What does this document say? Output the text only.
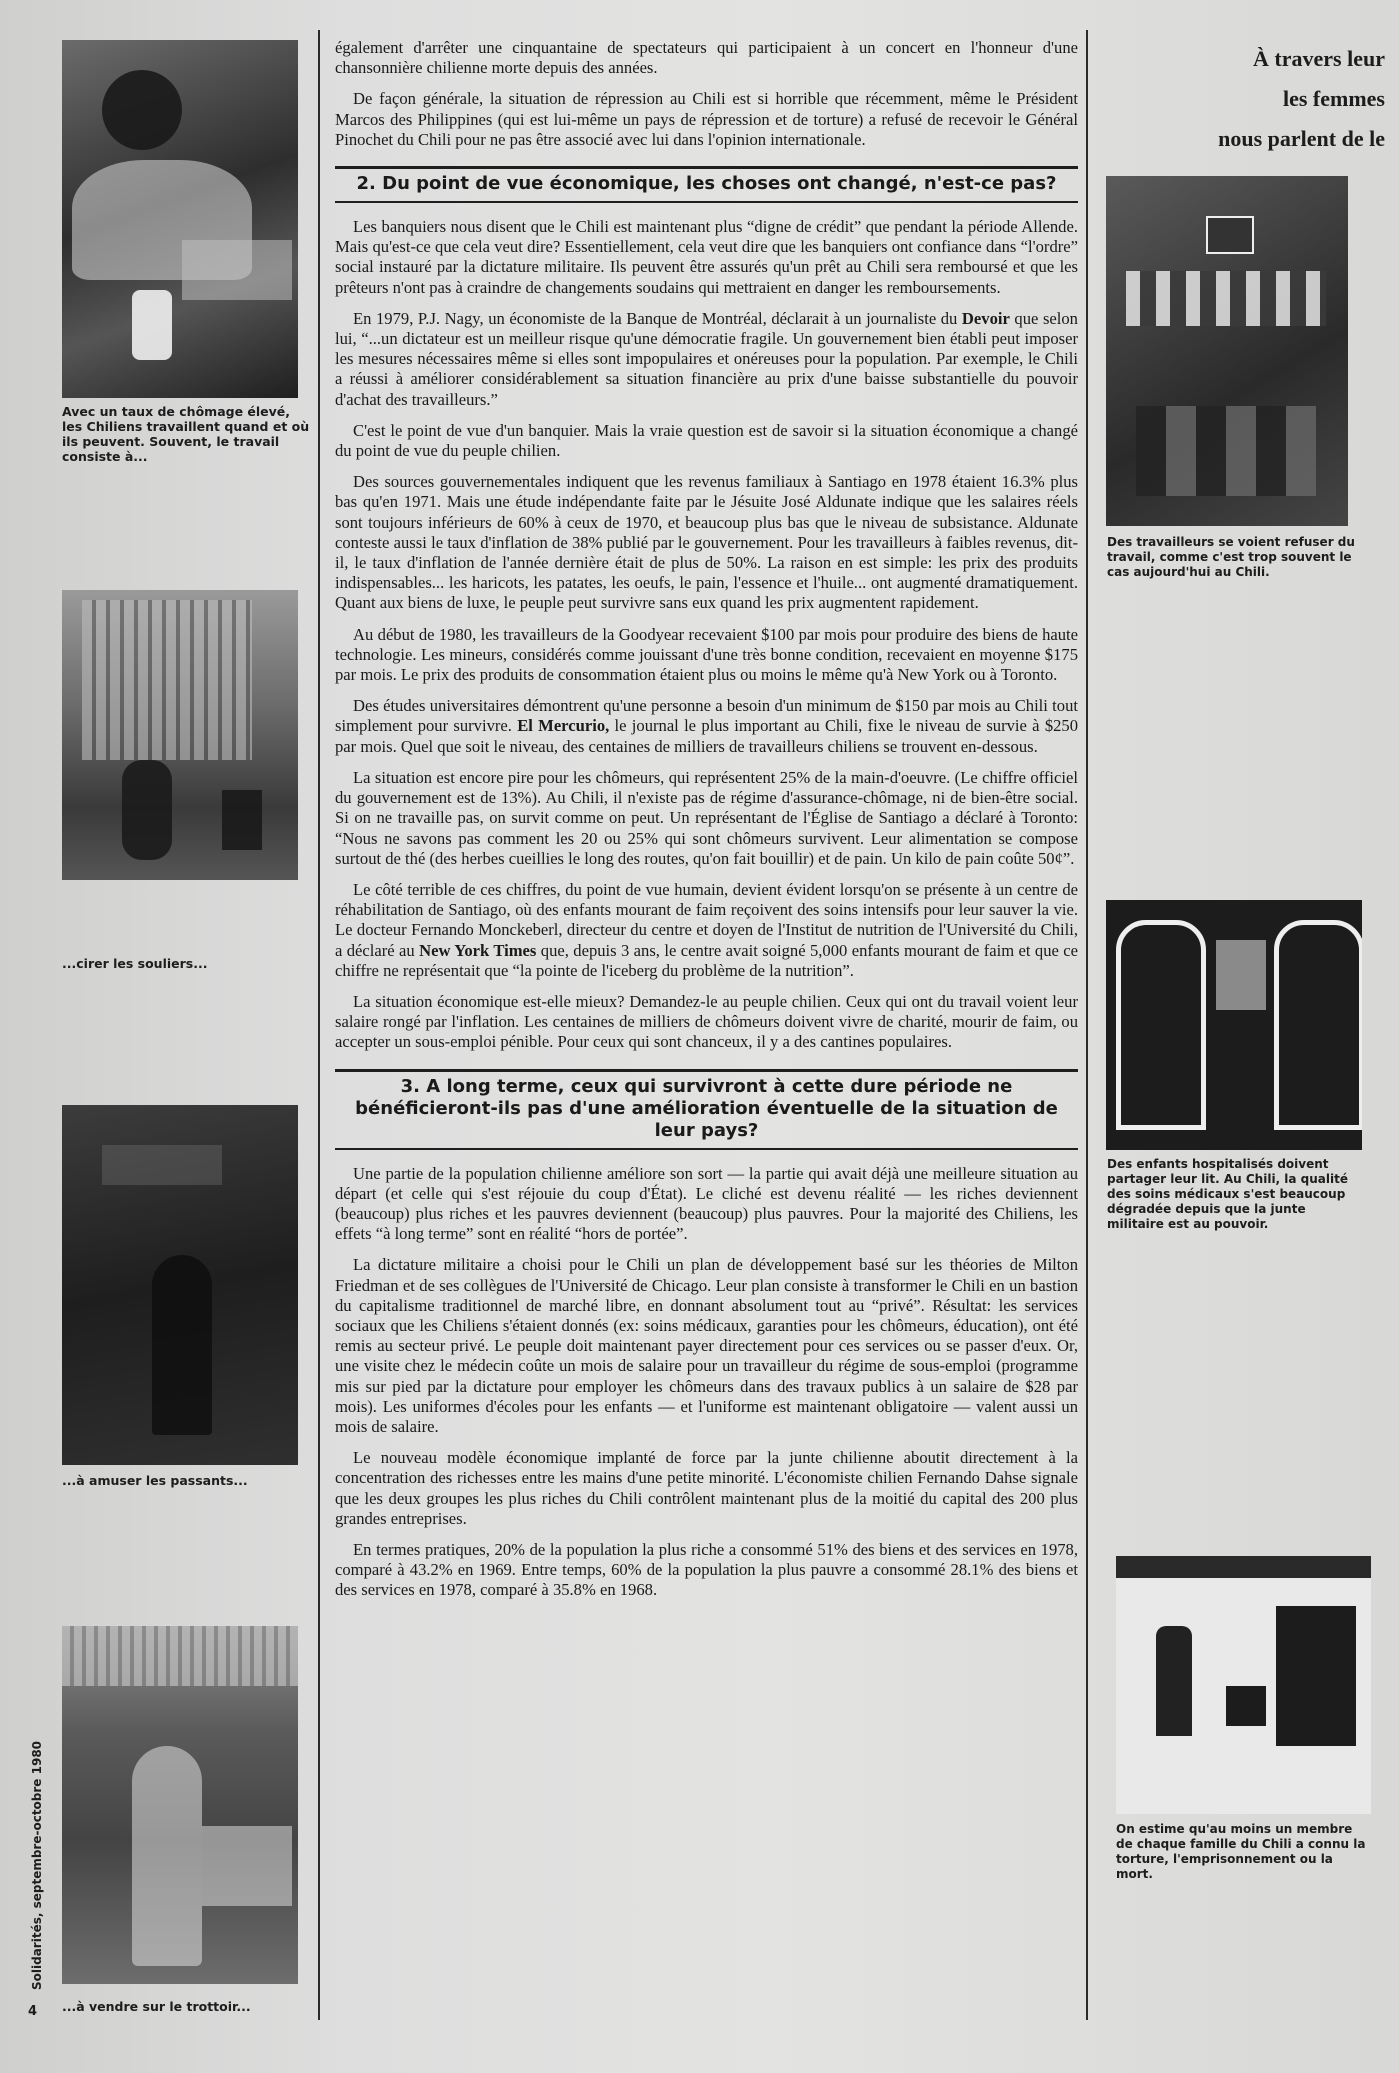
Avec un taux de chômage élevé, les Chiliens travaillent quand et où ils peuvent. Souvent, le travail consiste à...
...cirer les souliers...
...à amuser les passants...
...à vendre sur le trottoir...
Solidarités, septembre-octobre 1980
4

également d'arrêter une cinquantaine de spectateurs qui participaient à un concert en l'honneur d'une chansonnière chilienne morte depuis des années.

De façon générale, la situation de répression au Chili est si horrible que récemment, même le Président Marcos des Philippines (qui est lui-même un pays de répression et de torture) a refusé de recevoir le Général Pinochet du Chili pour ne pas être associé avec lui dans l'opinion internationale.

2. Du point de vue économique, les choses ont changé, n'est-ce pas?

Les banquiers nous disent que le Chili est maintenant plus “digne de crédit” que pendant la période Allende. Mais qu'est-ce que cela veut dire? Essentiellement, cela veut dire que les banquiers ont confiance dans “l'ordre” social instauré par la dictature militaire. Ils peuvent être assurés qu'un prêt au Chili sera remboursé et que les prêteurs n'ont pas à craindre de changements soudains qui mettraient en danger les remboursements.

En 1979, P.J. Nagy, un économiste de la Banque de Montréal, déclarait à un journaliste du Devoir que selon lui, “...un dictateur est un meilleur risque qu'une démocratie fragile. Un gouvernement bien établi peut imposer les mesures nécessaires même si elles sont impopulaires et onéreuses pour la population. Par exemple, le Chili a réussi à améliorer considérablement sa situation financière au prix d'une baisse substantielle du pouvoir d'achat des travailleurs.”

C'est le point de vue d'un banquier. Mais la vraie question est de savoir si la situation économique a changé du point de vue du peuple chilien.

Des sources gouvernementales indiquent que les revenus familiaux à Santiago en 1978 étaient 16.3% plus bas qu'en 1971. Mais une étude indépendante faite par le Jésuite José Aldunate indique que les salaires réels sont toujours inférieurs de 60% à ceux de 1970, et beaucoup plus bas que le niveau de subsistance. Aldunate conteste aussi le taux d'inflation de 38% publié par le gouvernement. Pour les travailleurs à faibles revenus, dit-il, le taux d'inflation de l'année dernière était de plus de 50%. La raison en est simple: les prix des produits indispensables... les haricots, les patates, les oeufs, le pain, l'essence et l'huile... ont augmenté dramatiquement. Quant aux biens de luxe, le peuple peut survivre sans eux quand les prix augmentent rapidement.

Au début de 1980, les travailleurs de la Goodyear recevaient $100 par mois pour produire des biens de haute technologie. Les mineurs, considérés comme jouissant d'une très bonne condition, recevaient en moyenne $175 par mois. Le prix des produits de consommation étaient plus ou moins le même qu'à New York ou à Toronto.

Des études universitaires démontrent qu'une personne a besoin d'un minimum de $150 par mois au Chili tout simplement pour survivre. El Mercurio, le journal le plus important au Chili, fixe le niveau de survie à $250 par mois. Quel que soit le niveau, des centaines de milliers de travailleurs chiliens se trouvent en-dessous.

La situation est encore pire pour les chômeurs, qui représentent 25% de la main-d'oeuvre. (Le chiffre officiel du gouvernement est de 13%). Au Chili, il n'existe pas de régime d'assurance-chômage, ni de bien-être social. Si on ne travaille pas, on survit comme on peut. Un représentant de l'Église de Santiago a déclaré à Toronto: “Nous ne savons pas comment les 20 ou 25% qui sont chômeurs survivent. Leur alimentation se compose surtout de thé (des herbes cueillies le long des routes, qu'on fait bouillir) et de pain. Un kilo de pain coûte 50¢”.

Le côté terrible de ces chiffres, du point de vue humain, devient évident lorsqu'on se présente à un centre de réhabilitation de Santiago, où des enfants mourant de faim reçoivent des soins intensifs pour leur sauver la vie. Le docteur Fernando Monckeberl, directeur du centre et doyen de l'Institut de nutrition de l'Université du Chili, a déclaré au New York Times que, depuis 3 ans, le centre avait soigné 5,000 enfants mourant de faim et que ce chiffre ne représentait que “la pointe de l'iceberg du problème de la nutrition”.

La situation économique est-elle mieux? Demandez-le au peuple chilien. Ceux qui ont du travail voient leur salaire rongé par l'inflation. Les centaines de milliers de chômeurs doivent vivre de charité, mourir de faim, ou accepter un sous-emploi pénible. Pour ceux qui sont chanceux, il y a des cantines populaires.

3. A long terme, ceux qui survivront à cette dure période ne bénéficieront-ils pas d'une amélioration éventuelle de la situation de leur pays?

Une partie de la population chilienne améliore son sort — la partie qui avait déjà une meilleure situation au départ (et celle qui s'est réjouie du coup d'État). Le cliché est devenu réalité — les riches deviennent (beaucoup) plus riches et les pauvres deviennent (beaucoup) plus pauvres. Pour la majorité des Chiliens, les effets “à long terme” sont en réalité “hors de portée”.

La dictature militaire a choisi pour le Chili un plan de développement basé sur les théories de Milton Friedman et de ses collègues de l'Université de Chicago. Leur plan consiste à transformer le Chili en un bastion du capitalisme traditionnel de marché libre, en donnant absolument tout au “privé”. Résultat: les services sociaux que les Chiliens s'étaient donnés (ex: soins médicaux, garanties pour les chômeurs, éducation), ont été remis au secteur privé. Le peuple doit maintenant payer directement pour ces services ou se passer d'eux. Or, une visite chez le médecin coûte un mois de salaire pour un travailleur du régime de sous-emploi (programme mis sur pied par la dictature pour employer les chômeurs dans des travaux publics à un salaire de $28 par mois). Les uniformes d'écoles pour les enfants — et l'uniforme est maintenant obligatoire — valent aussi un mois de salaire.

Le nouveau modèle économique implanté de force par la junte chilienne aboutit directement à la concentration des richesses entre les mains d'une petite minorité. L'économiste chilien Fernando Dahse signale que les deux groupes les plus riches du Chili contrôlent maintenant plus de la moitié du capital des 200 plus grandes entreprises.

En termes pratiques, 20% de la population la plus riche a consommé 51% des biens et des services en 1978, comparé à 43.2% en 1969. Entre temps, 60% de la population la plus pauvre a consommé 28.1% des biens et des services en 1978, comparé à 35.8% en 1968.

À travers leur
les femmes
nous parlent de le
Des travailleurs se voient refuser du travail, comme c'est trop souvent le cas aujourd'hui au Chili.
Des enfants hospitalisés doivent partager leur lit. Au Chili, la qualité des soins médicaux s'est beaucoup dégradée depuis que la junte militaire est au pouvoir.
On estime qu'au moins un membre de chaque famille du Chili a connu la torture, l'emprisonnement ou la mort.
